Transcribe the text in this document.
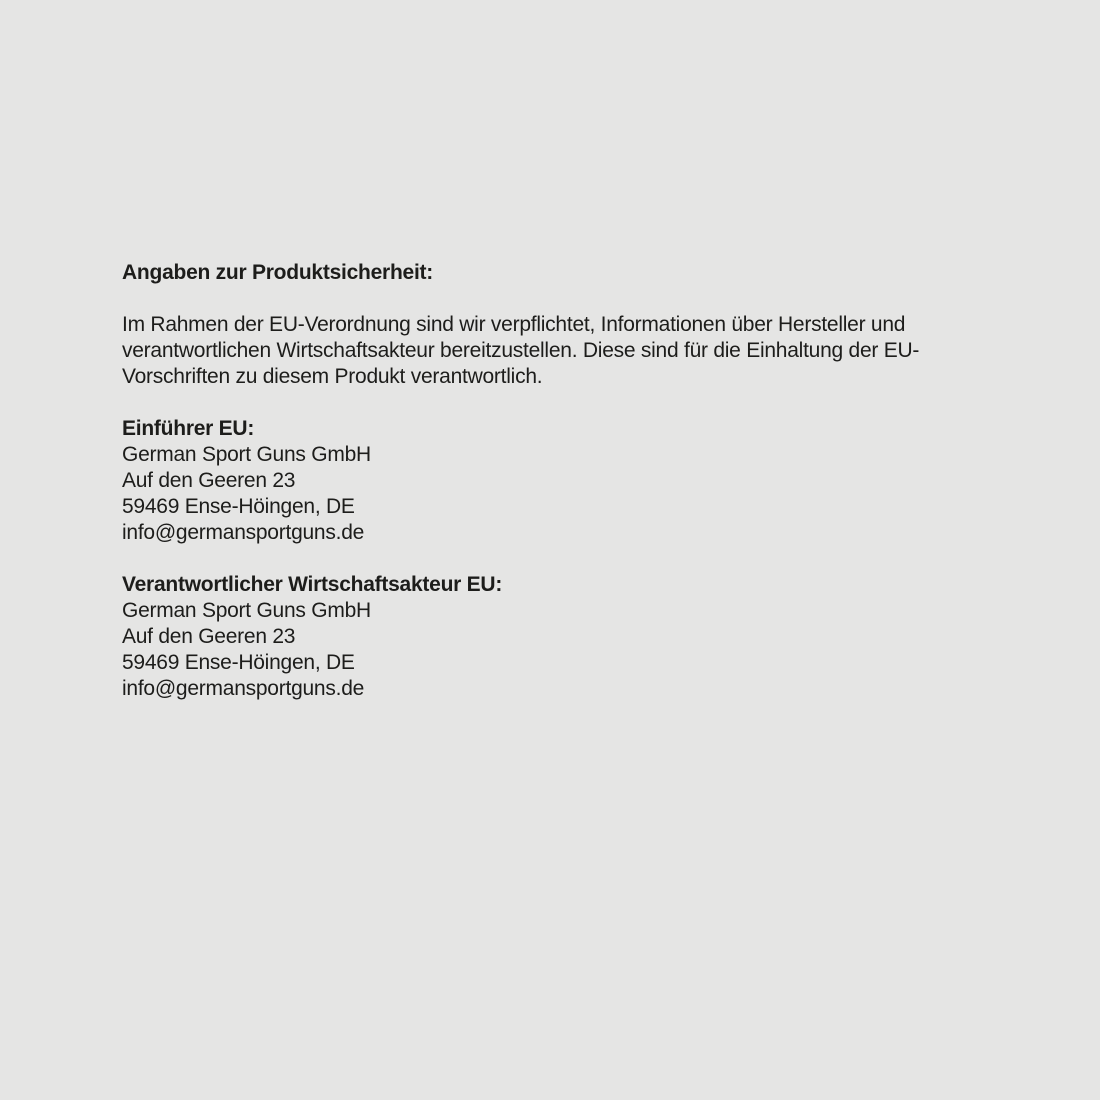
Angaben zur Produktsicherheit:

Im Rahmen der EU-Verordnung sind wir verpflichtet, Informationen über Hersteller und verantwortlichen Wirtschaftsakteur bereitzustellen. Diese sind für die Einhaltung der EU-Vorschriften zu diesem Produkt verantwortlich.

Einführer EU:
German Sport Guns GmbH
Auf den Geeren 23
59469 Ense-Höingen, DE
info@germansportguns.de
Verantwortlicher Wirtschaftsakteur EU:
German Sport Guns GmbH
Auf den Geeren 23
59469 Ense-Höingen, DE
info@germansportguns.de
